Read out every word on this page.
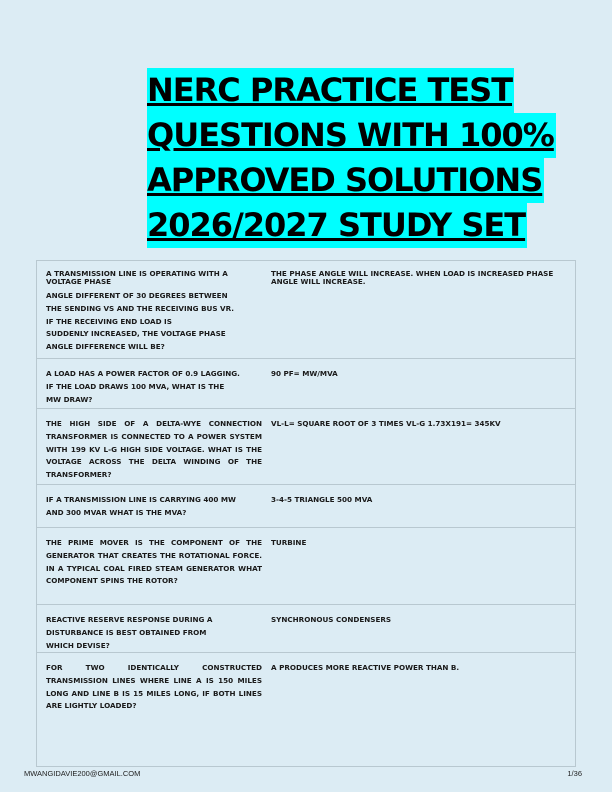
NERC PRACTICE TEST
QUESTIONS WITH 100%
APPROVED SOLUTIONS
2026/2027 STUDY SET
A TRANSMISSION LINE IS OPERATING WITH A
VOLTAGE PHASE
ANGLE DIFFERENT OF 30 DEGREES BETWEEN
THE SENDING VS AND THE RECEIVING BUS VR.
IF THE RECEIVING END LOAD IS
SUDDENLY INCREASED, THE VOLTAGE PHASE
ANGLE DIFFERENCE WILL BE?
THE PHASE ANGLE WILL INCREASE. WHEN LOAD IS INCREASED PHASE ANGLE WILL INCREASE.
A LOAD HAS A POWER FACTOR OF 0.9 LAGGING.
IF THE LOAD DRAWS 100 MVA, WHAT IS THE
MW DRAW?
90 PF= MW/MVA
THE HIGH SIDE OF A DELTA-WYE CONNECTION TRANSFORMER IS CONNECTED TO A POWER SYSTEM WITH 199 KV L-G HIGH SIDE VOLTAGE. WHAT IS THE VOLTAGE ACROSS THE DELTA WINDING OF THE TRANSFORMER?
VL-L= SQUARE ROOT OF 3 TIMES VL-G 1.73X191= 345KV
IF A TRANSMISSION LINE IS CARRYING 400 MW
AND 300 MVAR WHAT IS THE MVA?
3-4-5 TRIANGLE 500 MVA
THE PRIME MOVER IS THE COMPONENT OF THE GENERATOR THAT CREATES THE ROTATIONAL FORCE. IN A TYPICAL COAL FIRED STEAM GENERATOR WHAT COMPONENT SPINS THE ROTOR?
TURBINE
REACTIVE RESERVE RESPONSE DURING A
DISTURBANCE IS BEST OBTAINED FROM
WHICH DEVISE?
SYNCHRONOUS CONDENSERS
FOR TWO IDENTICALLY CONSTRUCTED TRANSMISSION LINES WHERE LINE A IS 150 MILES LONG AND LINE B IS 15 MILES LONG, IF BOTH LINES ARE LIGHTLY LOADED?
A PRODUCES MORE REACTIVE POWER THAN B.
MWANGIDAVIE200@GMAIL.COM	1/36
